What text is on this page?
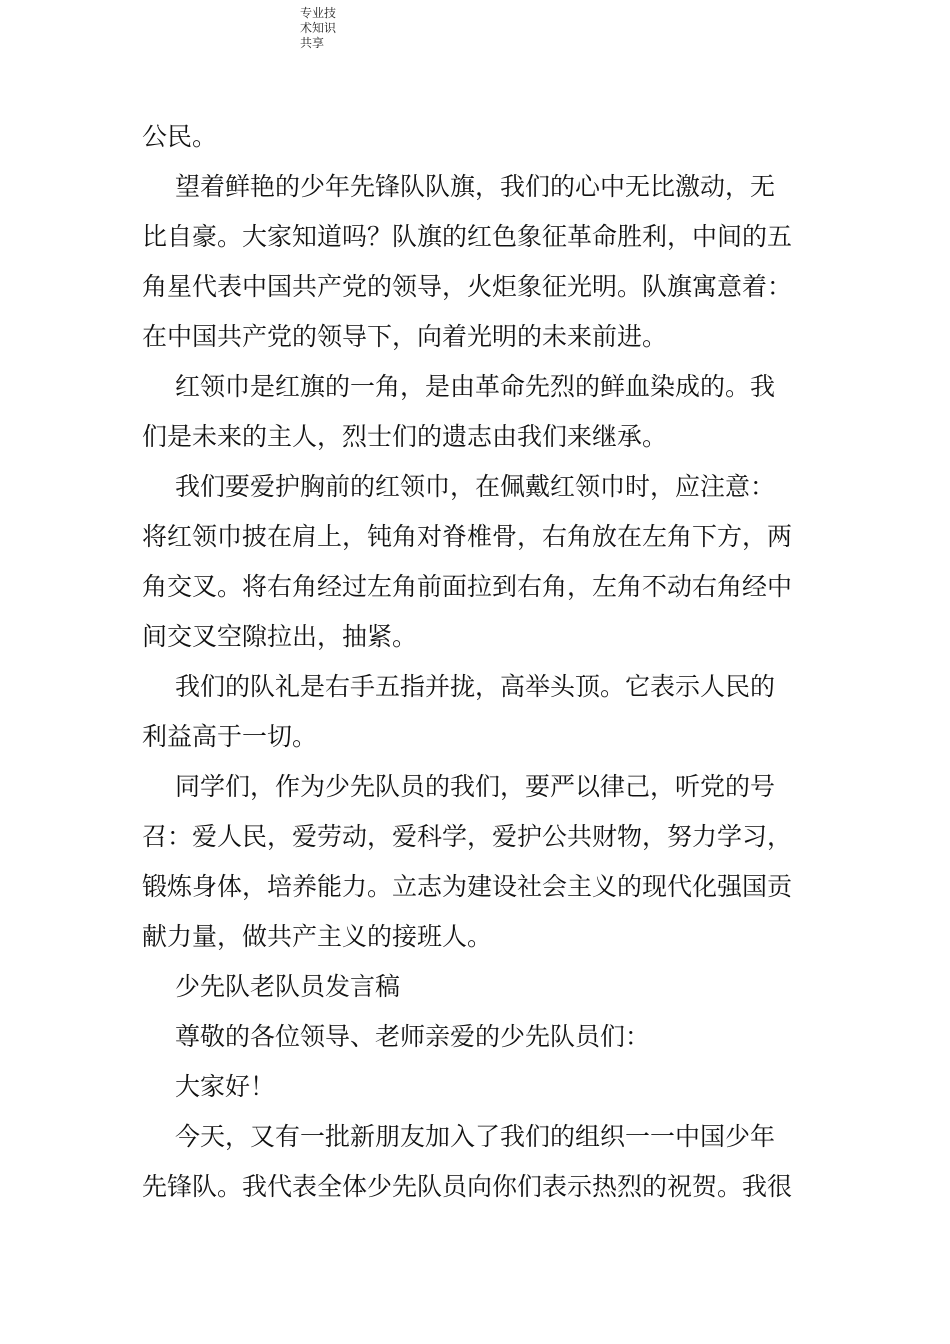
专业技
术知识
共享
公民。
望着鲜艳的少年先锋队队旗，我们的心中无比激动，无
比自豪。大家知道吗？队旗的红色象征革命胜利，中间的五
角星代表中国共产党的领导，火炬象征光明。队旗寓意着：
在中国共产党的领导下，向着光明的未来前进。
红领巾是红旗的一角，是由革命先烈的鲜血染成的。我
们是未来的主人，烈士们的遗志由我们来继承。
我们要爱护胸前的红领巾，在佩戴红领巾时，应注意：
将红领巾披在肩上，钝角对脊椎骨，右角放在左角下方，两
角交叉。将右角经过左角前面拉到右角，左角不动右角经中
间交叉空隙拉出，抽紧。
我们的队礼是右手五指并拢，高举头顶。它表示人民的
利益高于一切。
同学们，作为少先队员的我们，要严以律己，听党的号
召：爱人民，爱劳动，爱科学，爱护公共财物，努力学习，
锻炼身体，培养能力。立志为建设社会主义的现代化强国贡
献力量，做共产主义的接班人。
少先队老队员发言稿
尊敬的各位领导、老师亲爱的少先队员们：
大家好！
今天，又有一批新朋友加入了我们的组织一一中国少年
先锋队。我代表全体少先队员向你们表示热烈的祝贺。我很
